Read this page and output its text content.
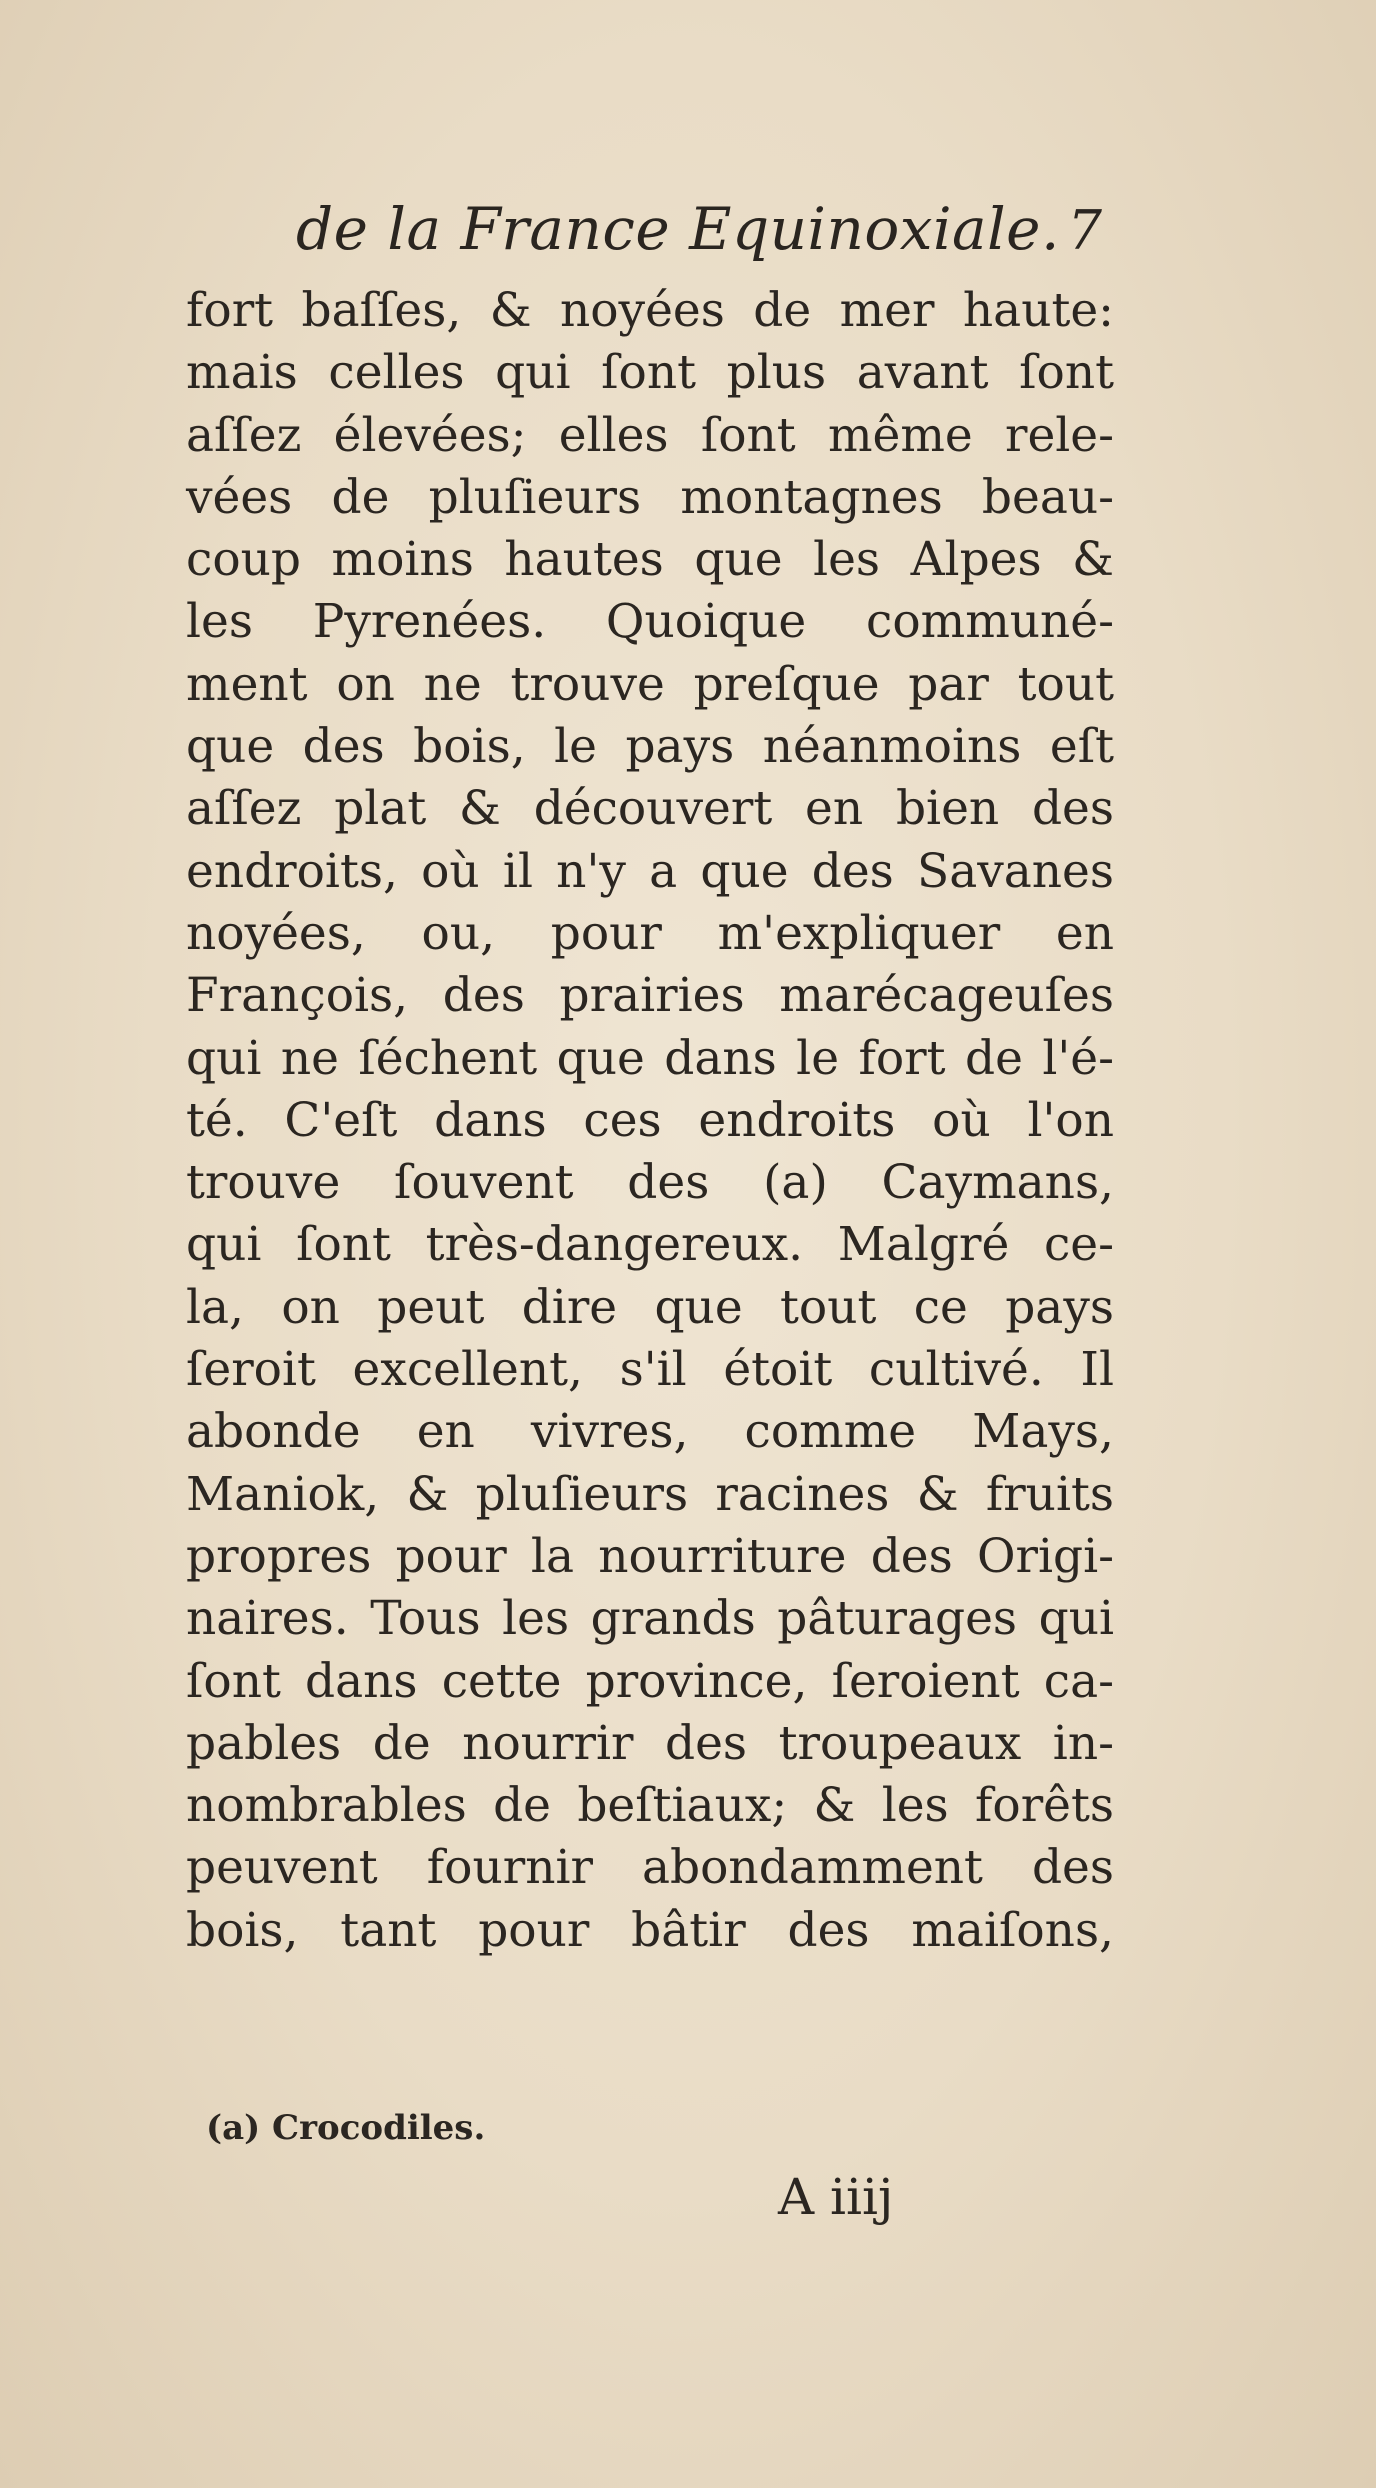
de la France Equinoxiale. 7
fort baſſes, & noyées de mer haute:
mais celles qui ſont plus avant ſont
aſſez élevées; elles ſont même rele-
vées de pluſieurs montagnes beau-
coup moins hautes que les Alpes &
les Pyrenées. Quoique communé-
ment on ne trouve preſque par tout
que des bois, le pays néanmoins eſt
aſſez plat & découvert en bien des
endroits, où il n'y a que des Savanes
noyées, ou, pour m'expliquer en
François, des prairies marécageuſes
qui ne ſéchent que dans le fort de l'é-
té. C'eſt dans ces endroits où l'on
trouve ſouvent des (a) Caymans,
qui ſont très-dangereux. Malgré ce-
la, on peut dire que tout ce pays
ſeroit excellent, s'il étoit cultivé. Il
abonde en vivres, comme Mays,
Maniok, & pluſieurs racines & fruits
propres pour la nourriture des Origi-
naires. Tous les grands pâturages qui
ſont dans cette province, ſeroient ca-
pables de nourrir des troupeaux in-
nombrables de beſtiaux; & les forêts
peuvent fournir abondamment des
bois, tant pour bâtir des maiſons,
(a) Crocodiles.
A iiij
